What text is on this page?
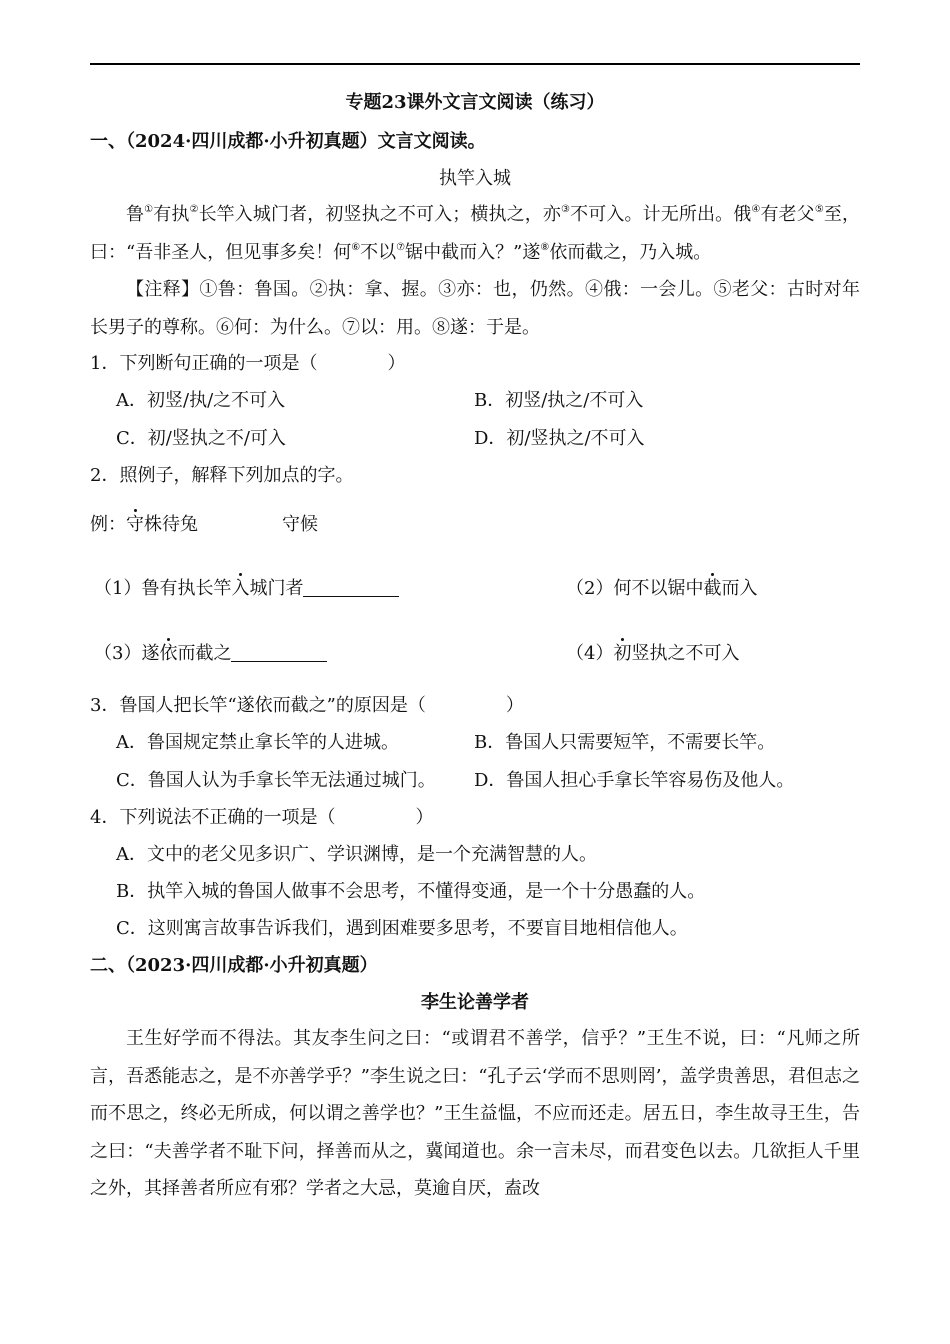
专题23课外文言文阅读（练习）
一、（2024·四川成都·小升初真题）文言文阅读。
执竿入城
鲁①有执②长竿入城门者，初竖执之不可入；横执之，亦③不可入。计无所出。俄④有老父⑤至，曰：“吾非圣人，但见事多矣！何⑥不以⑦锯中截而入？”遂⑧依而截之，乃入城。
【注释】①鲁：鲁国。②执：拿、握。③亦：也，仍然。④俄：一会儿。⑤老父：古时对年长男子的尊称。⑥何：为什么。⑦以：用。⑧遂：于是。
1．下列断句正确的一项是（	）
A．初竖/执/之不可入	B．初竖/执之/不可入
C．初/竖执之不/可入	D．初/竖执之/不可入
2．照例子，解释下列加点的字。
例：守株待兔	守候
（1）鲁有执长竿入城门者	（2）何不以锯中截而入
（3）遂依而截之	（4）初竖执之不可入
3．鲁国人把长竿“遂依而截之”的原因是（	）
A．鲁国规定禁止拿长竿的人进城。	B．鲁国人只需要短竿，不需要长竿。
C．鲁国人认为手拿长竿无法通过城门。 D．鲁国人担心手拿长竿容易伤及他人。
4．下列说法不正确的一项是（	）
A．文中的老父见多识广、学识渊博，是一个充满智慧的人。
B．执竿入城的鲁国人做事不会思考，不懂得变通，是一个十分愚蠢的人。
C．这则寓言故事告诉我们，遇到困难要多思考，不要盲目地相信他人。
二、（2023·四川成都·小升初真题）
李生论善学者
王生好学而不得法。其友李生问之曰：“或谓君不善学，信乎？”王生不说，曰：“凡师之所言，吾悉能志之，是不亦善学乎？”李生说之曰：“孔子云‘学而不思则罔’，盖学贵善思，君但志之而不思之，终必无所成，何以谓之善学也？”王生益愠，不应而还走。居五日，李生故寻王生，告之曰：“夫善学者不耻下问，择善而从之，冀闻道也。余一言未尽，而君变色以去。几欲拒人千里之外，其择善者所应有邪？学者之大忌，莫逾自厌，盍改
